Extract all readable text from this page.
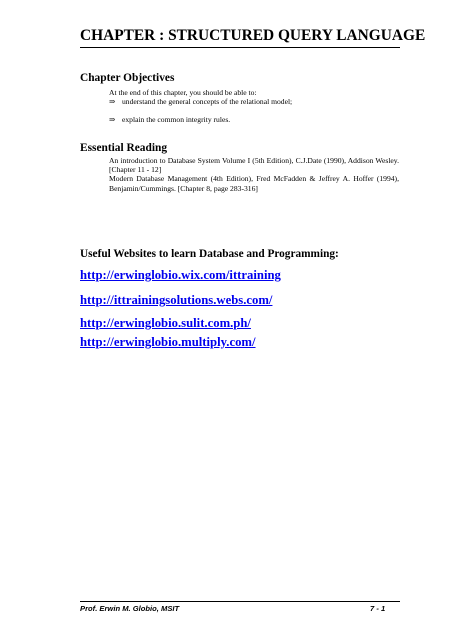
CHAPTER : STRUCTURED QUERY LANGUAGE
Chapter Objectives
At the end of this chapter, you should be able to:
⇒ understand the general concepts of the relational model;
⇒ explain the common integrity rules.
Essential Reading

An introduction to Database System Volume I (5th Edition), C.J.Date (1990), Addison Wesley. [Chapter 11 - 12]

Modern Database Management (4th Edition), Fred McFadden & Jeffrey A. Hoffer (1994), Benjamin/Cummings. [Chapter 8, page 283-316]

Useful Websites to learn Database and Programming:
http://erwinglobio.wix.com/ittraining
http://ittrainingsolutions.webs.com/
http://erwinglobio.sulit.com.ph/
http://erwinglobio.multiply.com/
Prof. Erwin M. Globio, MSIT	7 - 1
